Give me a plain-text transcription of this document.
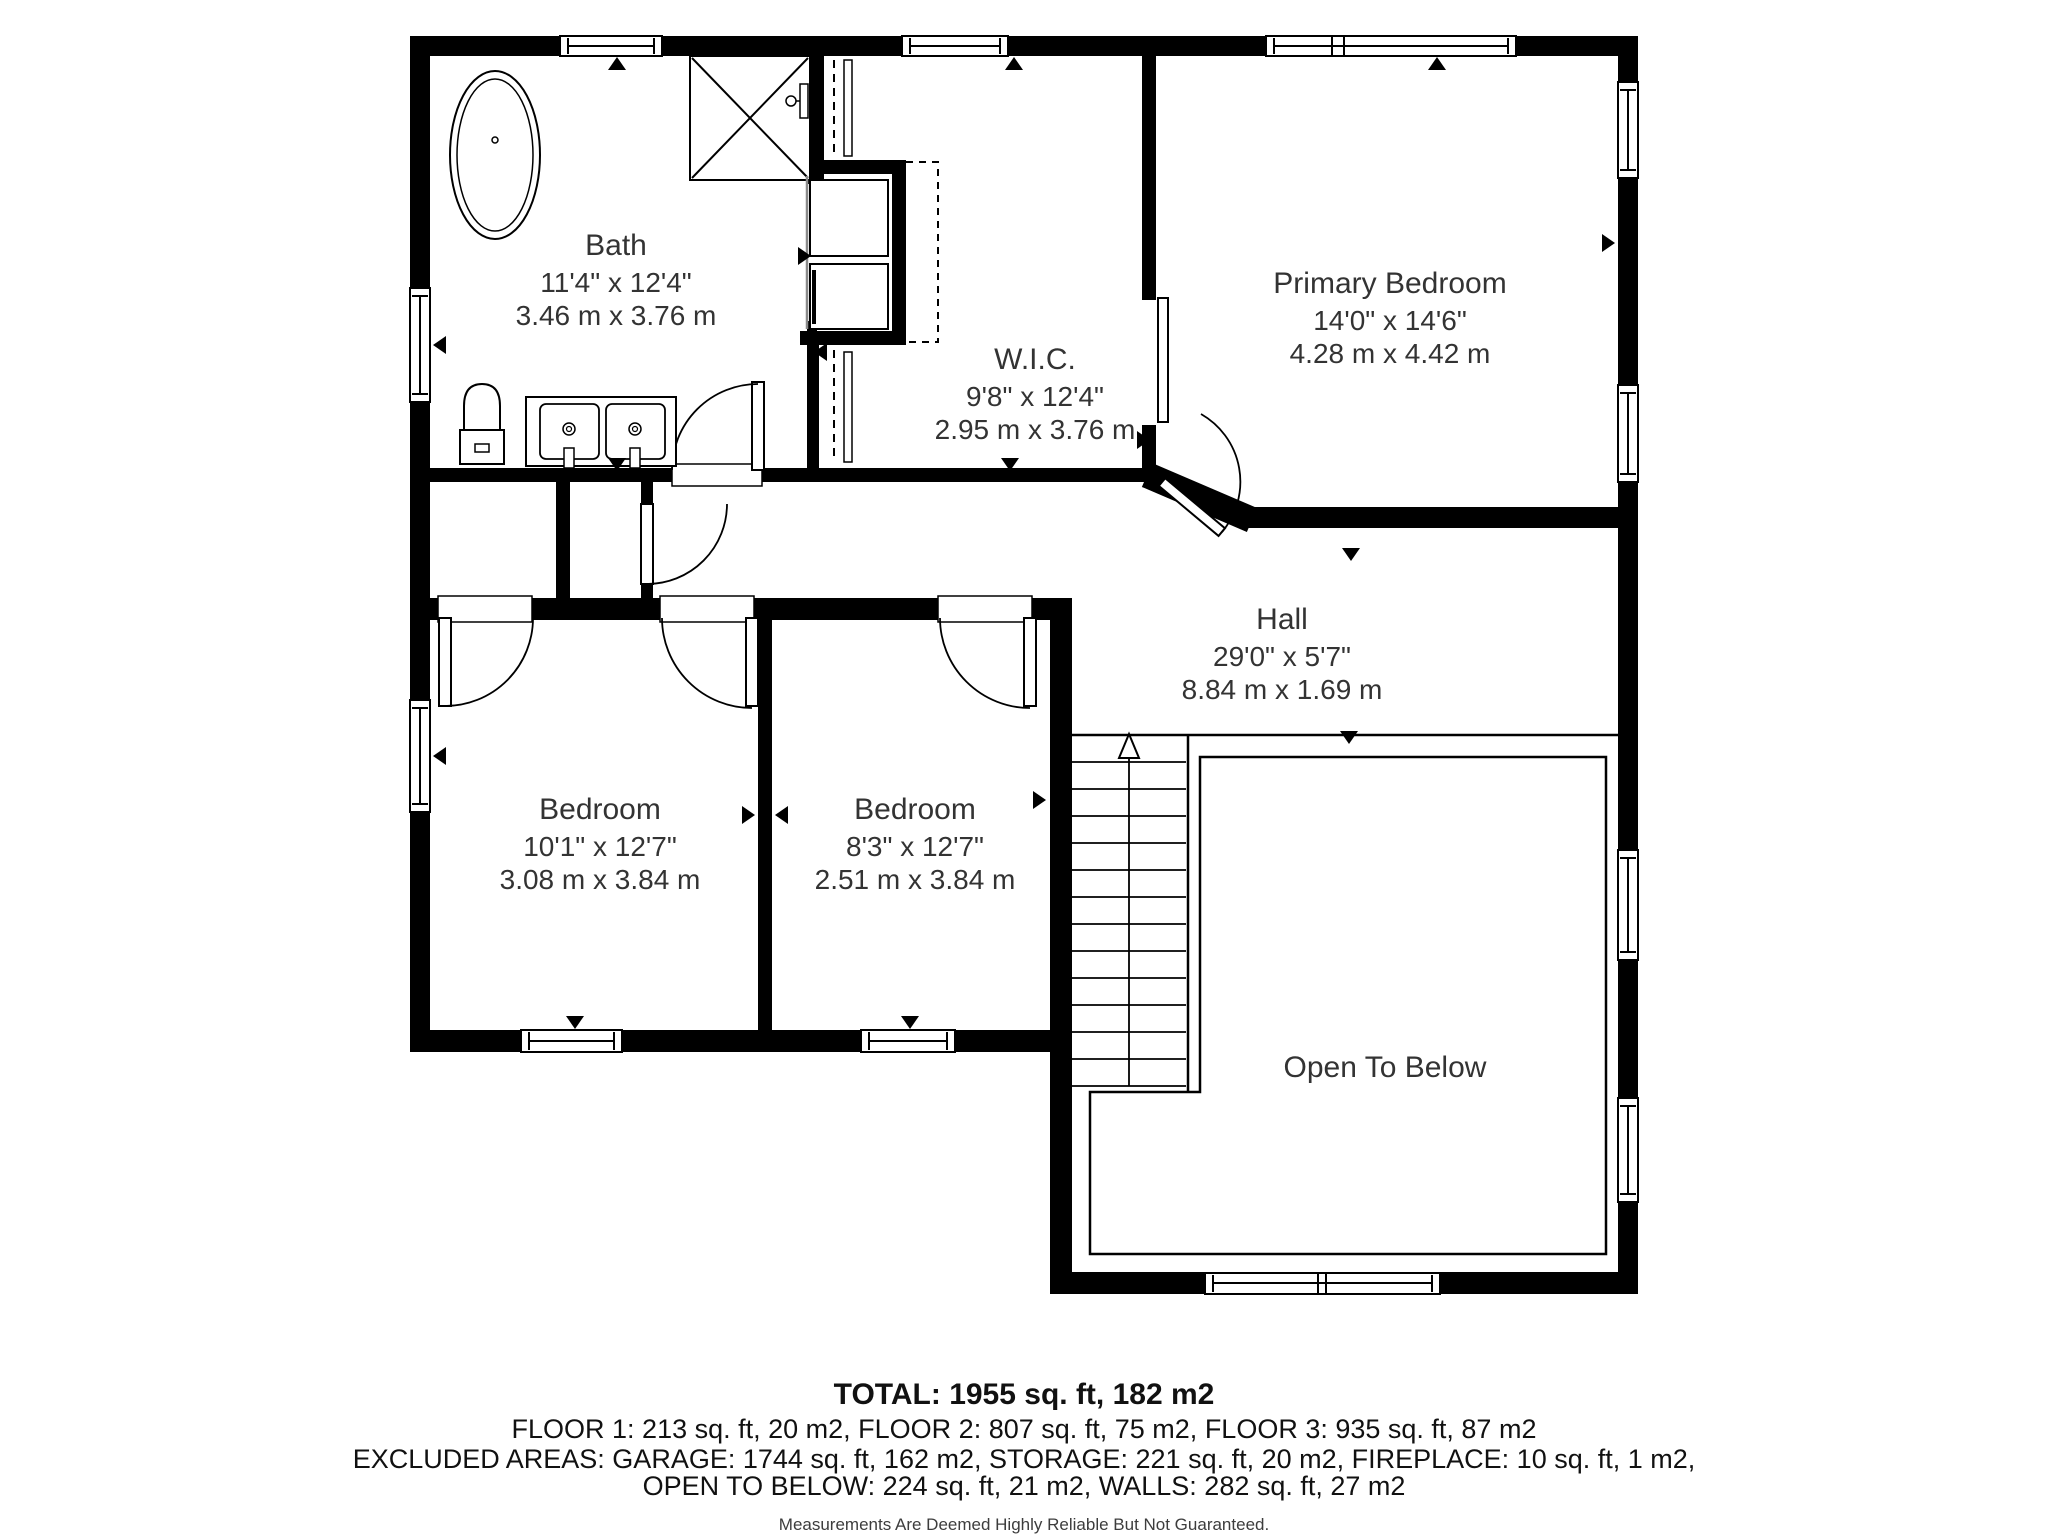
Bath
11'4" x 12'4"
3.46 m x 3.76 m
W.I.C.
9'8" x 12'4"
2.95 m x 3.76 m
Primary Bedroom
14'0" x 14'6"
4.28 m x 4.42 m
Hall
29'0" x 5'7"
8.84 m x 1.69 m
Bedroom
10'1" x 12'7"
3.08 m x 3.84 m
Bedroom
8'3" x 12'7"
2.51 m x 3.84 m
Open To Below
TOTAL: 1955 sq. ft, 182 m2
FLOOR 1: 213 sq. ft, 20 m2, FLOOR 2: 807 sq. ft, 75 m2, FLOOR 3: 935 sq. ft, 87 m2
EXCLUDED AREAS: GARAGE: 1744 sq. ft, 162 m2, STORAGE: 221 sq. ft, 20 m2, FIREPLACE: 10 sq. ft, 1 m2,
OPEN TO BELOW: 224 sq. ft, 21 m2, WALLS: 282 sq. ft, 27 m2
Measurements Are Deemed Highly Reliable But Not Guaranteed.
